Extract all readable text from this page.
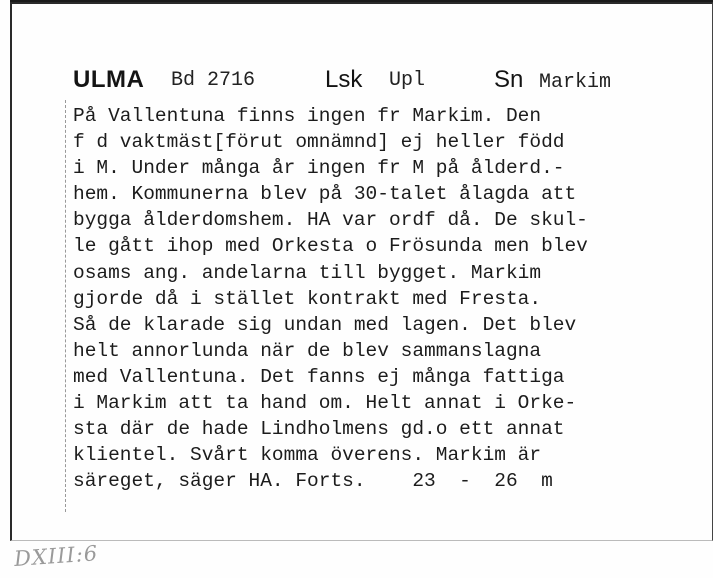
ULMA Bd 2716	Lsk Upl	Sn Markim
På Vallentuna finns ingen fr Markim. Den
f d vaktmäst[förut omnämnd] ej heller född
i M. Under många år ingen fr M på ålderd.-
hem. Kommunerna blev på 30-talet ålagda att
bygga ålderdomshem. HA var ordf då. De skul-
le gått ihop med Orkesta o Frösunda men blev
osams ang. andelarna till bygget. Markim
gjorde då i stället kontrakt med Fresta.
Så de klarade sig undan med lagen. Det blev
helt annorlunda när de blev sammanslagna
med Vallentuna. Det fanns ej många fattiga
i Markim att ta hand om. Helt annat i Orke-
sta där de hade Lindholmens gd.o ett annat
klientel. Svårt komma överens. Markim är
säreget, säger HA. Forts.    23  -  26  m
DXIII:6
